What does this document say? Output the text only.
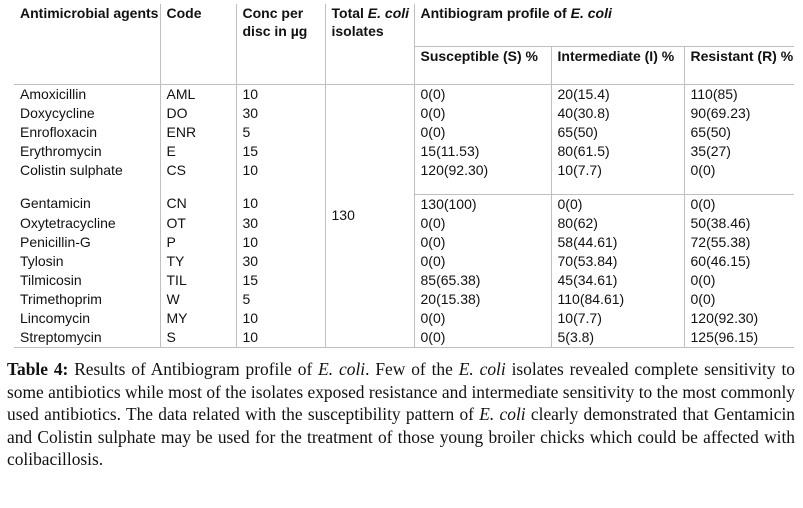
Antimicrobial agents	Code	Conc per disc in µg	Total E. coli isolates	Antibiogram profile of E. coli		
				Susceptible (S) %	Intermediate (I) %	Resistant (R) %
Amoxicillin	AML	10	130	0(0)	20(15.4)	110(85)
Doxycycline	DO	30		0(0)	40(30.8)	90(69.23)
Enrofloxacin	ENR	5		0(0)	65(50)	65(50)
Erythromycin	E	15		15(11.53)	80(61.5)	35(27)
Colistin sulphate	CS	10		120(92.30)	10(7.7)	0(0)
Gentamicin	CN	10		130(100)	0(0)	0(0)
Oxytetracycline	OT	30		0(0)	80(62)	50(38.46)
Penicillin-G	P	10		0(0)	58(44.61)	72(55.38)
Tylosin	TY	30		0(0)	70(53.84)	60(46.15)
Tilmicosin	TIL	15		85(65.38)	45(34.61)	0(0)
Trimethoprim	W	5		20(15.38)	110(84.61)	0(0)
Lincomycin	MY	10		0(0)	10(7.7)	120(92.30)
Streptomycin	S	10		0(0)	5(3.8)	125(96.15)

Table 4: Results of Antibiogram profile of E. coli. Few of the E. coli isolates revealed complete sensitivity to some antibiotics while most of the isolates exposed resistance and intermediate sensitivity to the most commonly used antibiotics. The data related with the susceptibility pattern of E. coli clearly demonstrated that Gentamicin and Colistin sulphate may be used for the treatment of those young broiler chicks which could be affected with colibacillosis.
